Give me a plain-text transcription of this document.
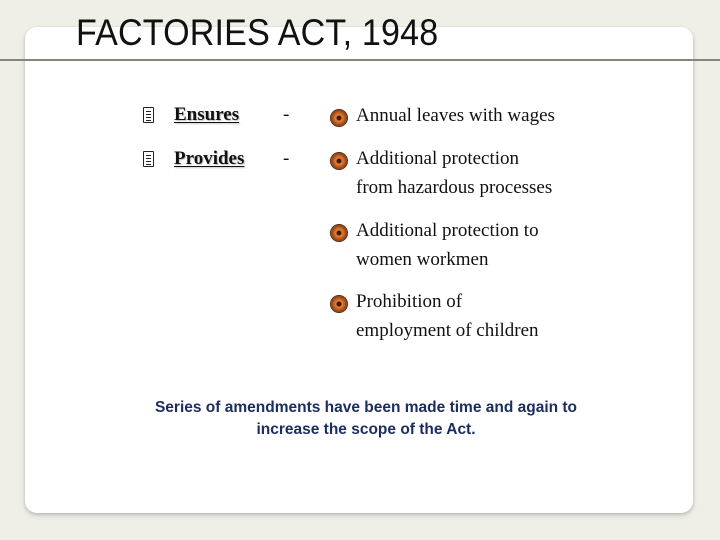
FACTORIES ACT, 1948
Ensures -
Provides -
Annual leaves with wages
Additional protection
from hazardous processes
Additional protection to
women workmen
Prohibition of
employment of children
Series of amendments have been made time and again to
increase the scope of the Act.
